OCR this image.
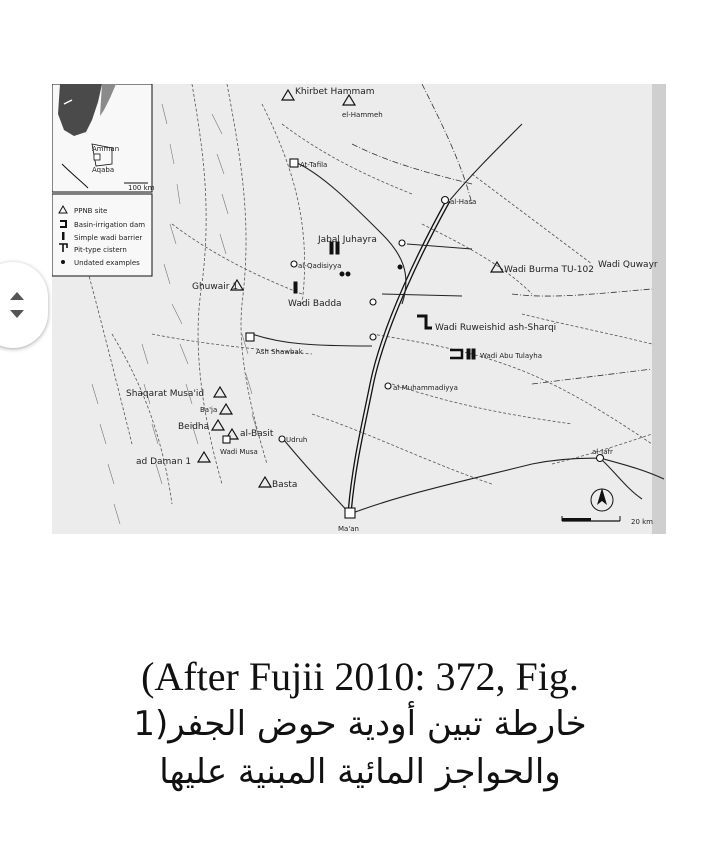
Khirbet Hammam
el-Hammeh
At-Tafila
al-Hasa
Jabal Juhayra
al-Qadisiyya
Ghuwair 1
Wadi Badda
Wadi Burma TU-102
Wadi Ruweishid ash-Sharqi
Wadi Abu Tulayha
Ash Shawbak
Wadi Quwayr
Shaqarat Musa'id
Ba'ja
Beidha
al-Basit
Udruh
ad Daman 1
Wadi Musa
Basta
Ma'an
al-Jafr
al-Muhammadiyya
Amman
Aqaba
100 km
PPNB site
Basin-irrigation dam
Simple wadi barrier
Pit-type cistern
Undated examples
20 km
(After Fujii 2010: 372, Fig.
خارطة تبين أودية حوض الجفر(1
والحواجز المائية المبنية عليها
